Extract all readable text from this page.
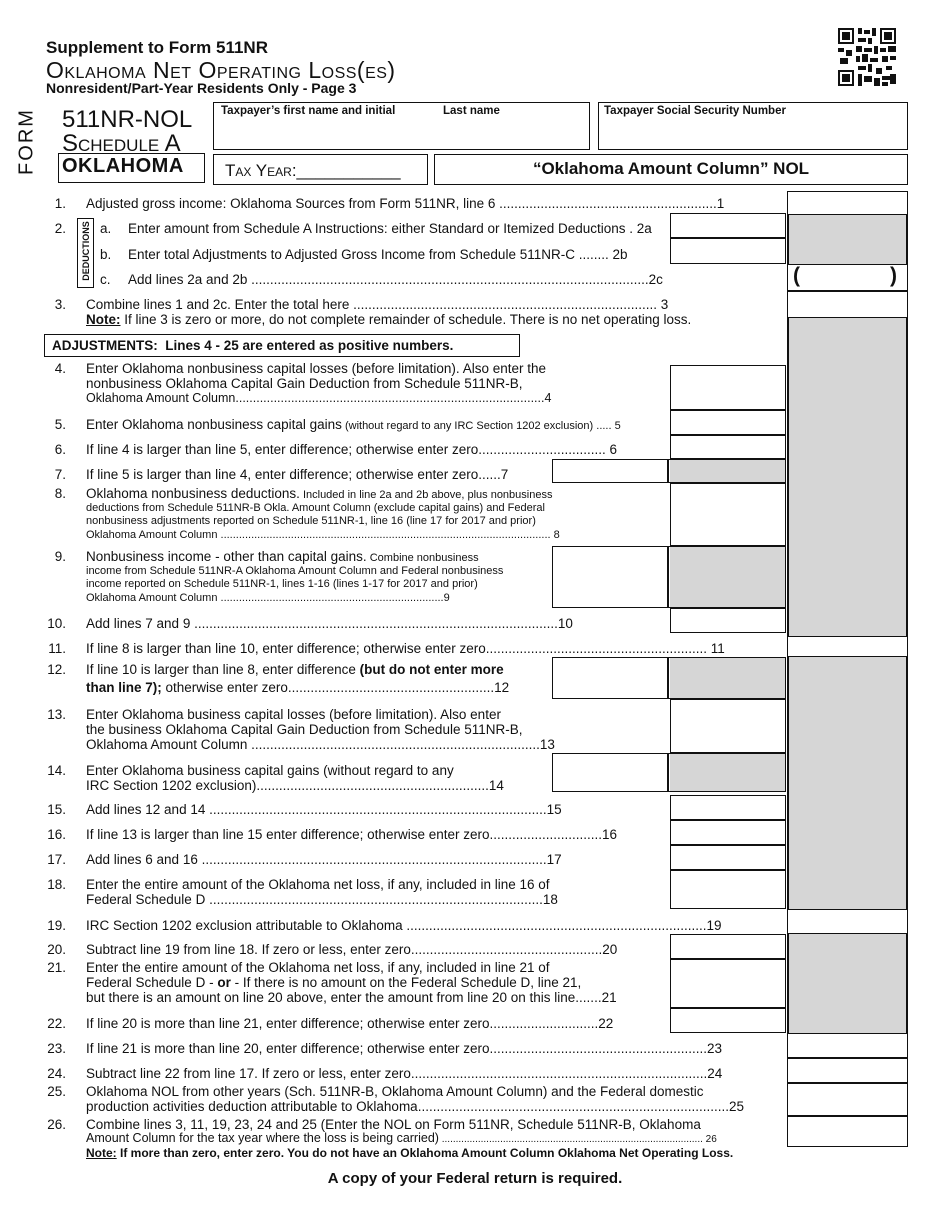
Supplement to Form 511NR
Oklahoma Net Operating Loss(es)
Nonresident/Part-Year Residents Only - Page 3
FORM 511NR-NOL
Schedule A
OKLAHOMA
Taxpayer’s first name and initial	Last name	Taxpayer Social Security Number
Tax Year:___________	“Oklahoma Amount Column” NOL
1. Adjusted gross income: Oklahoma Sources from Form 511NR, line 6 ..........................................................1
2. DEDUCTIONS a. Enter amount from Schedule A Instructions: either Standard or Itemized Deductions . 2a
b. Enter total Adjustments to Adjusted Gross Income from Schedule 511NR-C ........ 2b
c. Add lines 2a and 2b ..........................................................................................................2c	(	)
3. Combine lines 1 and 2c. Enter the total here ................................................................................. 3
Note: If line 3 is zero or more, do not complete remainder of schedule. There is no net operating loss.
ADJUSTMENTS:  Lines 4 - 25 are entered as positive numbers.
4. Enter Oklahoma nonbusiness capital losses (before limitation). Also enter the
nonbusiness Oklahoma Capital Gain Deduction from Schedule 511NR-B,
Oklahoma Amount Column.........................................................................................4
5. Enter Oklahoma nonbusiness capital gains (without regard to any IRC Section 1202 exclusion) ..... 5
6. If line 4 is larger than line 5, enter difference; otherwise enter zero.................................. 6
7. If line 5 is larger than line 4, enter difference; otherwise enter zero......7
8. Oklahoma nonbusiness deductions. Included in line 2a and 2b above, plus nonbusiness
deductions from Schedule 511NR-B Okla. Amount Column (exclude capital gains) and Federal
nonbusiness adjustments reported on Schedule 511NR-1, line 16 (line 17 for 2017 and prior)
Oklahoma Amount Column ............................................................................................................ 8
9. Nonbusiness income - other than capital gains. Combine nonbusiness
income from Schedule 511NR-A Oklahoma Amount Column and Federal nonbusiness
income reported on Schedule 511NR-1, lines 1-16 (lines 1-17 for 2017 and prior)
Oklahoma Amount Column .........................................................................9
10. Add lines 7 and 9 .................................................................................................10
11. If line 8 is larger than line 10, enter difference; otherwise enter zero........................................................... 11
12. If line 10 is larger than line 8, enter difference (but do not enter more
than line 7); otherwise enter zero.......................................................12
13. Enter Oklahoma business capital losses (before limitation). Also enter
the business Oklahoma Capital Gain Deduction from Schedule 511NR-B,
Oklahoma Amount Column .............................................................................13
14. Enter Oklahoma business capital gains (without regard to any
IRC Section 1202 exclusion)..............................................................14
15. Add lines 12 and 14 ..........................................................................................15
16. If line 13 is larger than line 15 enter difference; otherwise enter zero..............................16
17. Add lines 6 and 16 ............................................................................................17
18. Enter the entire amount of the Oklahoma net loss, if any, included in line 16 of
Federal Schedule D .........................................................................................18
19. IRC Section 1202 exclusion attributable to Oklahoma ................................................................................19
20. Subtract line 19 from line 18. If zero or less, enter zero...................................................20
21. Enter the entire amount of the Oklahoma net loss, if any, included in line 21 of
Federal Schedule D - or - If there is no amount on the Federal Schedule D, line 21,
but there is an amount on line 20 above, enter the amount from line 20 on this line.......21
22. If line 20 is more than line 21, enter difference; otherwise enter zero.............................22
23. If line 21 is more than line 20, enter difference; otherwise enter zero..........................................................23
24. Subtract line 22 from line 17. If zero or less, enter zero...............................................................................24
25. Oklahoma NOL from other years (Sch. 511NR-B, Oklahoma Amount Column) and the Federal domestic
production activities deduction attributable to Oklahoma...................................................................................25
26. Combine lines 3, 11, 19, 23, 24 and 25 (Enter the NOL on Form 511NR, Schedule 511NR-B, Oklahoma
Amount Column for the tax year where the loss is being carried) .............................................................................................. 26
Note: If more than zero, enter zero. You do not have an Oklahoma Amount Column Oklahoma Net Operating Loss.
A copy of your Federal return is required.
